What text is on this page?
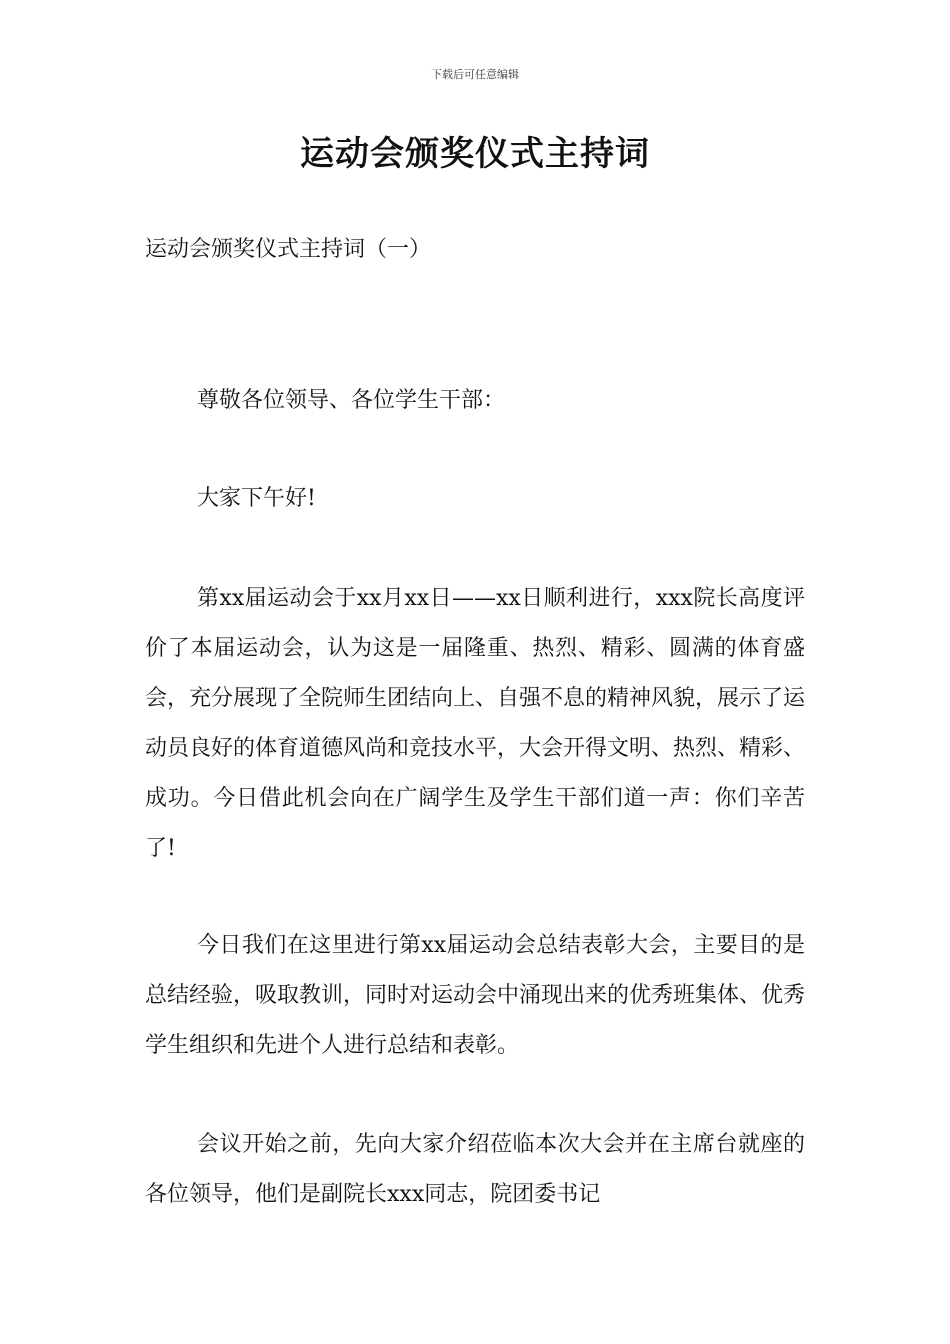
下载后可任意编辑
运动会颁奖仪式主持词
运动会颁奖仪式主持词（一）
尊敬各位领导、各位学生干部：
大家下午好!
第xx届运动会于xx月xx日——xx日顺利进行，xxx院长高度评价了本届运动会，认为这是一届隆重、热烈、精彩、圆满的体育盛会，充分展现了全院师生团结向上、自强不息的精神风貌，展示了运动员良好的体育道德风尚和竞技水平，大会开得文明、热烈、精彩、成功。今日借此机会向在广阔学生及学生干部们道一声：你们辛苦了!
今日我们在这里进行第xx届运动会总结表彰大会，主要目的是总结经验，吸取教训，同时对运动会中涌现出来的优秀班集体、优秀学生组织和先进个人进行总结和表彰。
会议开始之前，先向大家介绍莅临本次大会并在主席台就座的各位领导，他们是副院长xxx同志，院团委书记
